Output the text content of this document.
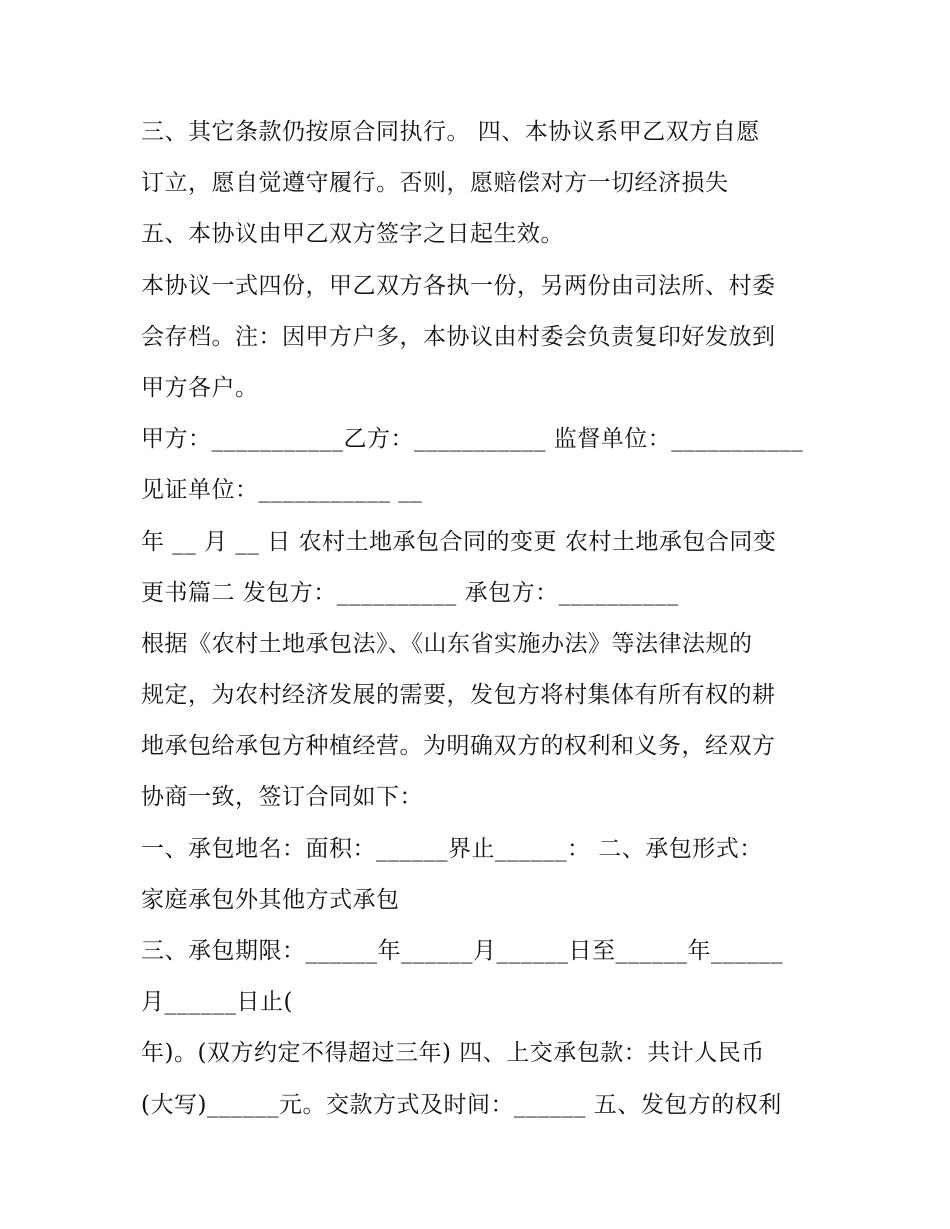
三、其它条款仍按原合同执行。 四、本协议系甲乙双方自愿
订立，愿自觉遵守履行。否则，愿赔偿对方一切经济损失
五、本协议由甲乙双方签字之日起生效。
本协议一式四份，甲乙双方各执一份，另两份由司法所、村委
会存档。注：因甲方户多，本协议由村委会负责复印好发放到
甲方各户。
甲方：___________乙方：___________ 监督单位：___________
见证单位：___________ __
年 __ 月 __ 日 农村土地承包合同的变更 农村土地承包合同变
更书篇二 发包方：__________ 承包方：__________
根据《农村土地承包法》、《山东省实施办法》等法律法规的
规定，为农村经济发展的需要，发包方将村集体有所有权的耕
地承包给承包方种植经营。为明确双方的权利和义务，经双方
协商一致，签订合同如下：
一、承包地名：面积：______界止______： 二、承包形式：
家庭承包外其他方式承包
三、承包期限：______年______月______日至______年______
月______日止(
年)。(双方约定不得超过三年) 四、上交承包款：共计人民币
(大写)______元。交款方式及时间：______ 五、发包方的权利
